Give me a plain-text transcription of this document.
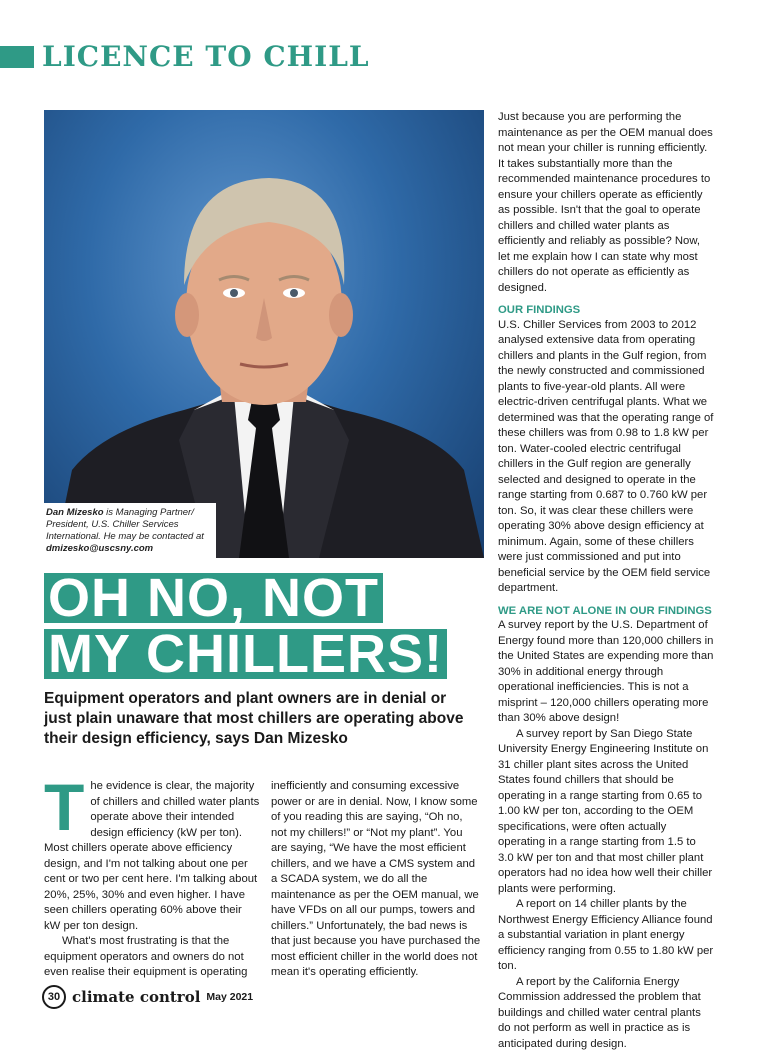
LICENCE TO CHILL
Dan Mizesko is Managing Partner/ President, U.S. Chiller Services International. He may be contacted at dmizesko@uscsny.com
OH NO, NOT
MY CHILLERS!
Equipment operators and plant owners are in denial or just plain unaware that most chillers are operating above their design efficiency, says Dan Mizesko
T he evidence is clear, the majority of chillers and chilled water plants operate above their intended design efficiency (kW per ton). Most chillers operate above efficiency design, and I'm not talking about one per cent or two per cent here. I'm talking about 20%, 25%, 30% and even higher. I have seen chillers operating 60% above their kW per ton design.

What's most frustrating is that the equipment operators and owners do not even realise their equipment is operating

inefficiently and consuming excessive power or are in denial. Now, I know some of you reading this are saying, “Oh no, not my chillers!” or “Not my plant”. You are saying, “We have the most efficient chillers, and we have a CMS system and a SCADA system, we do all the maintenance as per the OEM manual, we have VFDs on all our pumps, towers and chillers.” Unfortunately, the bad news is that just because you have purchased the most efficient chiller in the world does not mean it's operating efficiently.

Just because you are performing the maintenance as per the OEM manual does not mean your chiller is running efficiently. It takes substantially more than the recommended maintenance procedures to ensure your chillers operate as efficiently as possible. Isn't that the goal to operate chillers and chilled water plants as efficiently and reliably as possible? Now, let me explain how I can state why most chillers do not operate as efficiently as designed.

OUR FINDINGS

U.S. Chiller Services from 2003 to 2012 analysed extensive data from operating chillers and plants in the Gulf region, from the newly constructed and commissioned plants to five-year-old plants. All were electric-driven centrifugal plants. What we determined was that the operating range of these chillers was from 0.98 to 1.8 kW per ton. Water-cooled electric centrifugal chillers in the Gulf region are generally selected and designed to operate in the range starting from 0.687 to 0.760 kW per ton. So, it was clear these chillers were operating 30% above design efficiency at minimum. Again, some of these chillers were just commissioned and put into beneficial service by the OEM field service department.

WE ARE NOT ALONE IN OUR FINDINGS

A survey report by the U.S. Department of Energy found more than 120,000 chillers in the United States are expending more than 30% in additional energy through operational inefficiencies. This is not a misprint – 120,000 chillers operating more than 30% above design!

A survey report by San Diego State University Energy Engineering Institute on 31 chiller plant sites across the United States found chillers that should be operating in a range starting from 0.65 to 1.00 kW per ton, according to the OEM specifications, were often actually operating in a range starting from 1.5 to 3.0 kW per ton and that most chiller plant operators had no idea how well their chiller plants were performing.

A report on 14 chiller plants by the Northwest Energy Efficiency Alliance found a substantial variation in plant energy efficiency ranging from 0.55 to 1.80 kW per ton.

A report by the California Energy Commission addressed the problem that buildings and chilled water central plants do not perform as well in practice as is anticipated during design.

30 climate control May 2021
